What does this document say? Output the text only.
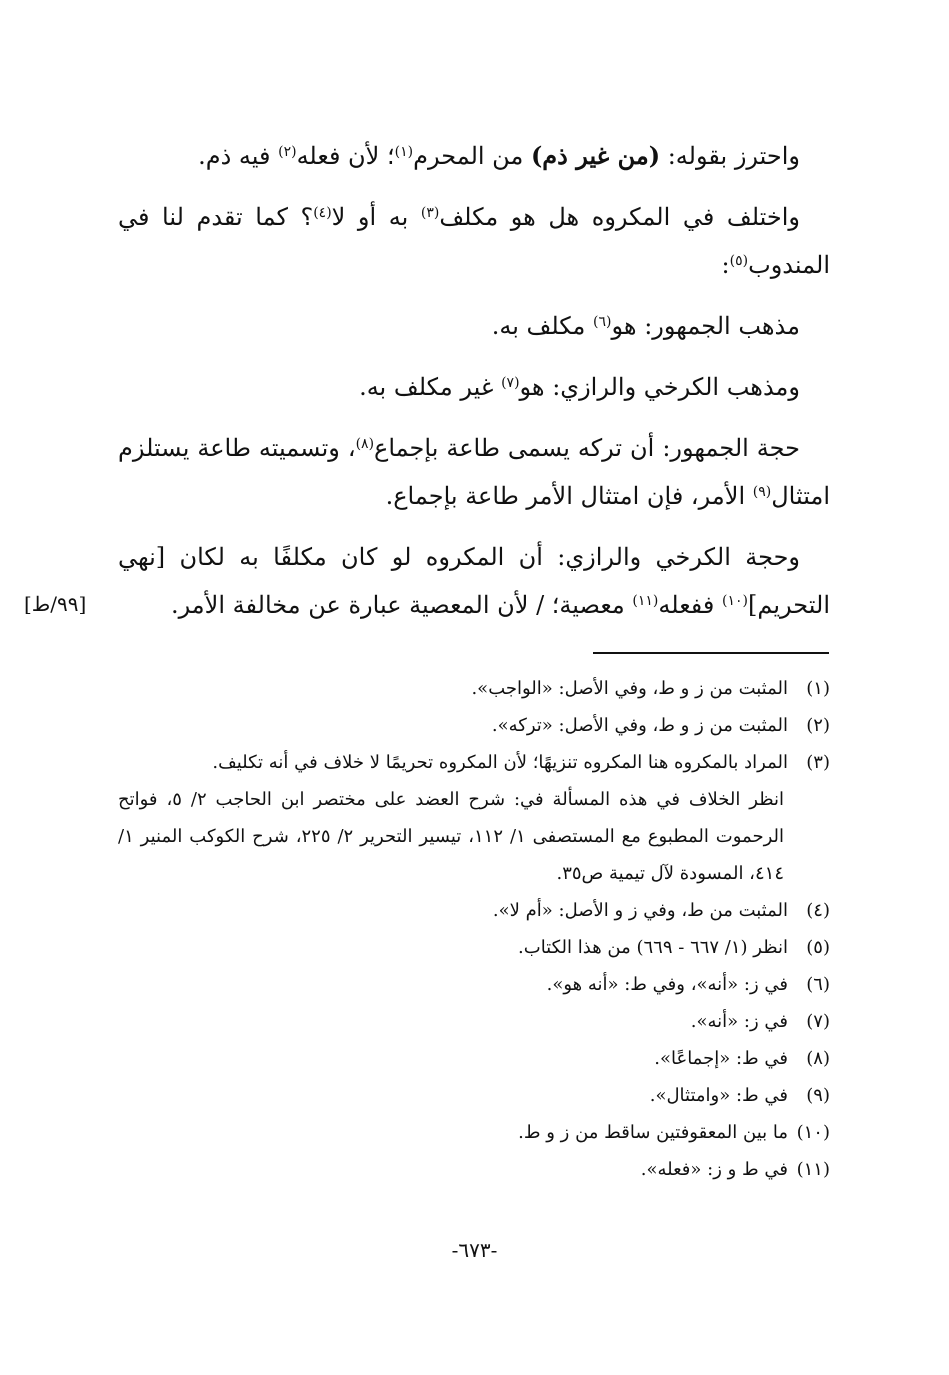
واحترز بقوله: (من غير ذم) من المحرم$^{(١)}$؛ لأن فعله$^{(٢)}$ فيه ذم.

واختلف في المكروه هل هو مكلف$^{(٣)}$ به أو لا$^{(٤)}$؟ كما تقدم لنا في المندوب$^{(٥)}$:

مذهب الجمهور: هو$^{(٦)}$ مكلف به.

ومذهب الكرخي والرازي: هو$^{(٧)}$ غير مكلف به.

حجة الجمهور: أن تركه يسمى طاعة بإجماع$^{(٨)}$، وتسميته طاعة يستلزم امتثال$^{(٩)}$ الأمر، فإن امتثال الأمر طاعة بإجماع.

وحجة الكرخي والرازي: أن المكروه لو كان مكلفًا به لكان [نهي التحريم]$^{(١٠)}$ ففعله$^{(١١)}$ معصية؛ / لأن المعصية عبارة عن مخالفة الأمر.

[٩٩/ط]

(١)المثبت من ز و ط، وفي الأصل: «الواجب».

(٢)المثبت من ز و ط، وفي الأصل: «تركه».

(٣)المراد بالمكروه هنا المكروه تنزيهًا؛ لأن المكروه تحريمًا لا خلاف في أنه تكليف.

انظر الخلاف في هذه المسألة في: شرح العضد على مختصر ابن الحاجب ٢/ ٥، فواتح الرحموت المطبوع مع المستصفى ١/ ١١٢، تيسير التحرير ٢/ ٢٢٥، شرح الكوكب المنير ١/ ٤١٤، المسودة لآل تيمية ص٣٥.

(٤)المثبت من ط، وفي ز و الأصل: «أم لا».

(٥)انظر (١/ ٦٦٧ - ٦٦٩) من هذا الكتاب.

(٦)في ز: «أنه»، وفي ط: «أنه هو».

(٧)في ز: «أنه».

(٨)في ط: «إجماعًا».

(٩)في ط: «وامتثال».

(١٠)ما بين المعقوفتين ساقط من ز و ط.

(١١)في ط و ز: «فعله».

-٦٧٣-
